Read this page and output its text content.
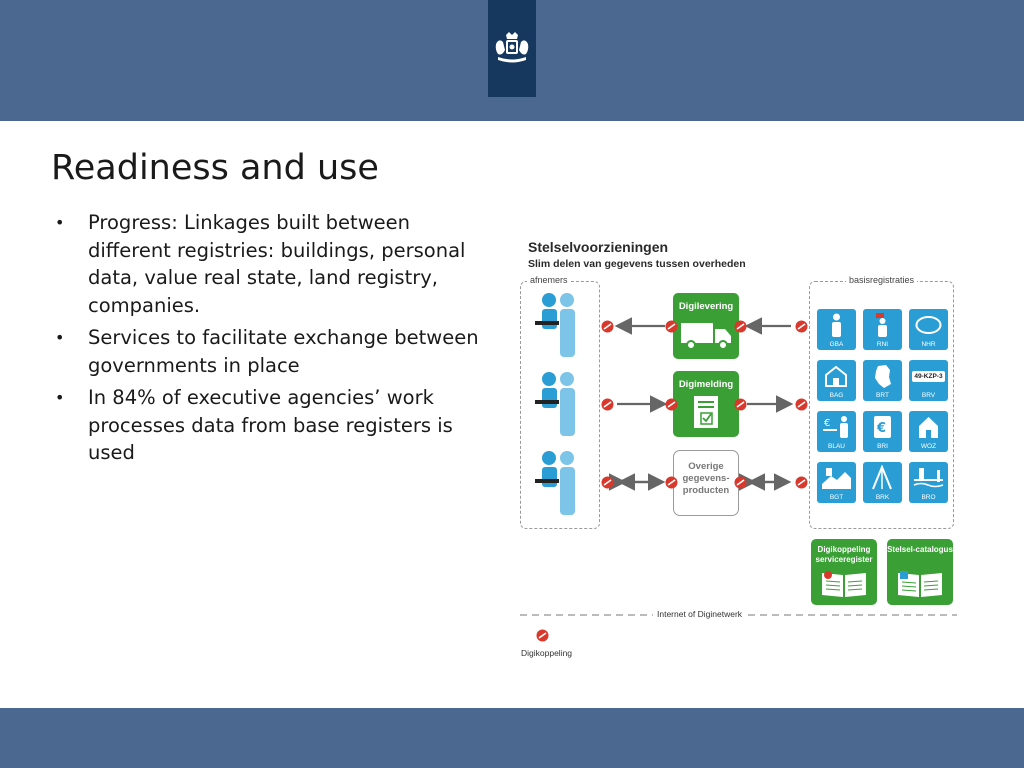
Readiness and use
• Progress: Linkages built between different registries: buildings, personal data, value real state, land registry, companies.
• Services to facilitate exchange between governments in place
• In 84% of executive agencies’ work processes data from base registers is used
Stelselvoorzieningen
Slim delen van gegevens tussen overheden
afnemers	basisregistraties
Digilevering
Digimelding
Overige gegevens-producten
GBA	RNI	NHR
BAG	BRT
49-KZP-3
BRV
€
BLAU
€
BRI	WOZ
BGT	BRK	BRO
Digikoppeling serviceregister
Stelsel-catalogus
Internet of Diginetwerk
Digikoppeling
